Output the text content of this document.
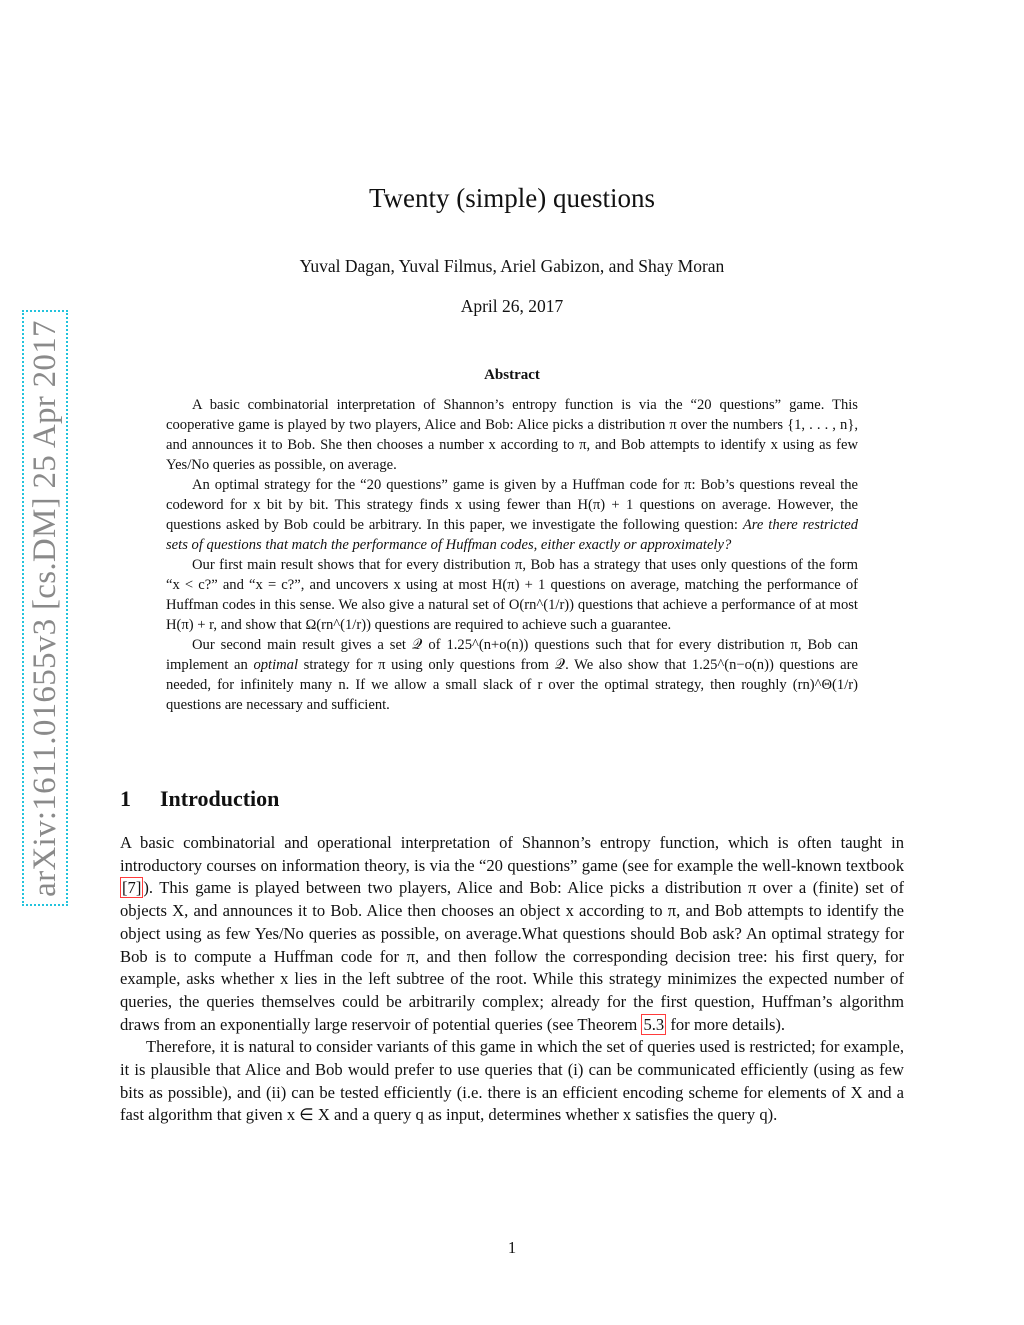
arXiv:1611.01655v3 [cs.DM] 25 Apr 2017
Twenty (simple) questions
Yuval Dagan, Yuval Filmus, Ariel Gabizon, and Shay Moran
April 26, 2017
Abstract

A basic combinatorial interpretation of Shannon’s entropy function is via the “20 questions” game. This cooperative game is played by two players, Alice and Bob: Alice picks a distribution π over the numbers {1, . . . , n}, and announces it to Bob. She then chooses a number x according to π, and Bob attempts to identify x using as few Yes/No queries as possible, on average.

An optimal strategy for the “20 questions” game is given by a Huffman code for π: Bob’s questions reveal the codeword for x bit by bit. This strategy finds x using fewer than H(π) + 1 questions on average. However, the questions asked by Bob could be arbitrary. In this paper, we investigate the following question: Are there restricted sets of questions that match the performance of Huffman codes, either exactly or approximately?

Our first main result shows that for every distribution π, Bob has a strategy that uses only questions of the form “x < c?” and “x = c?”, and uncovers x using at most H(π) + 1 questions on average, matching the performance of Huffman codes in this sense. We also give a natural set of O(rn^(1/r)) questions that achieve a performance of at most H(π) + r, and show that Ω(rn^(1/r)) questions are required to achieve such a guarantee.

Our second main result gives a set 𝒬 of 1.25^(n+o(n)) questions such that for every distribution π, Bob can implement an optimal strategy for π using only questions from 𝒬. We also show that 1.25^(n−o(n)) questions are needed, for infinitely many n. If we allow a small slack of r over the optimal strategy, then roughly (rn)^Θ(1/r) questions are necessary and sufficient.

1 Introduction

A basic combinatorial and operational interpretation of Shannon’s entropy function, which is often taught in introductory courses on information theory, is via the “20 questions” game (see for example the well-known textbook [7] ). This game is played between two players, Alice and Bob: Alice picks a distribution π over a (finite) set of objects X, and announces it to Bob. Alice then chooses an object x according to π, and Bob attempts to identify the object using as few Yes/No queries as possible, on average.What questions should Bob ask? An optimal strategy for Bob is to compute a Huffman code for π, and then follow the corresponding decision tree: his first query, for example, asks whether x lies in the left subtree of the root. While this strategy minimizes the expected number of queries, the queries themselves could be arbitrarily complex; already for the first question, Huffman’s algorithm draws from an exponentially large reservoir of potential queries (see Theorem 5.3 for more details).

Therefore, it is natural to consider variants of this game in which the set of queries used is restricted; for example, it is plausible that Alice and Bob would prefer to use queries that (i) can be communicated efficiently (using as few bits as possible), and (ii) can be tested efficiently (i.e. there is an efficient encoding scheme for elements of X and a fast algorithm that given x ∈ X and a query q as input, determines whether x satisfies the query q).

1
